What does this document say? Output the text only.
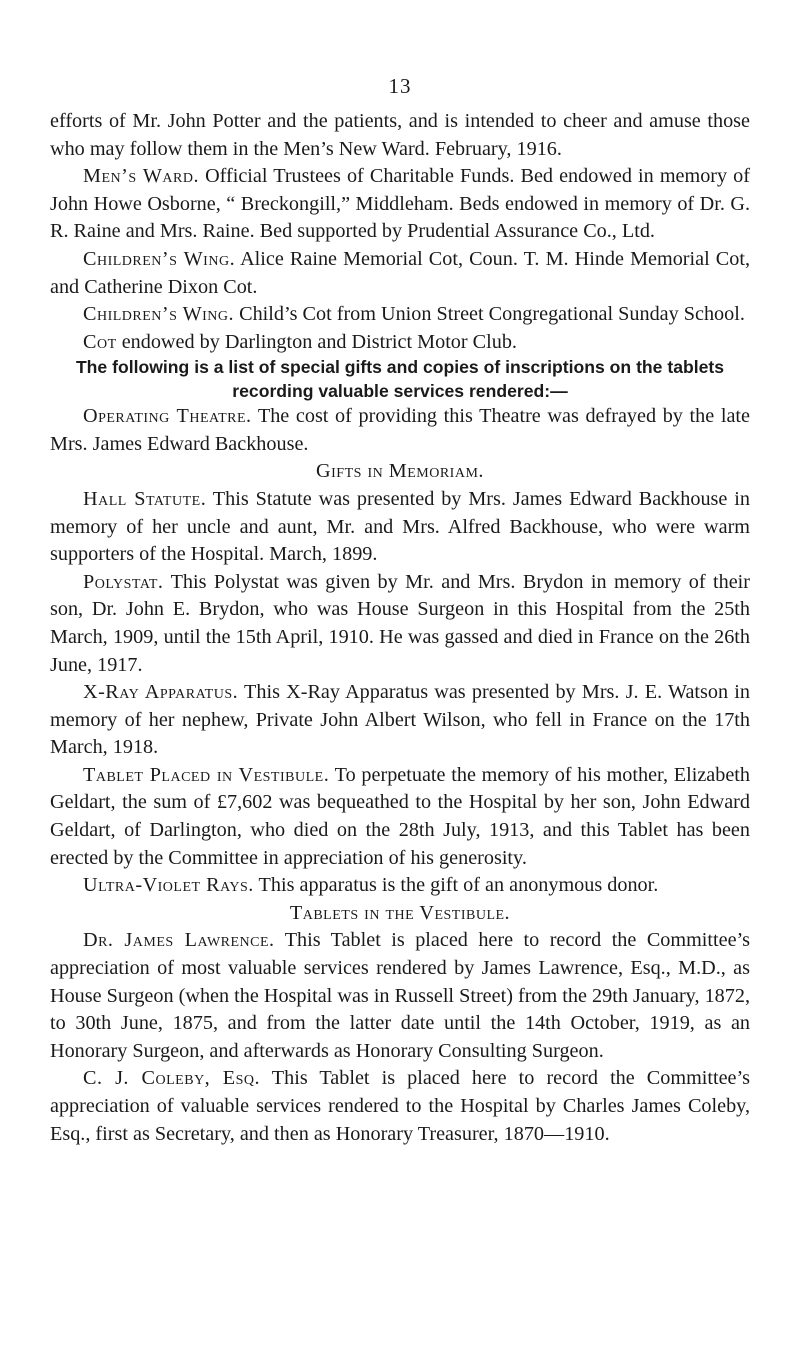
13

efforts of Mr. John Potter and the patients, and is intended to cheer and amuse those who may follow them in the Men’s New Ward. February, 1916.

Men’s Ward. Official Trustees of Charitable Funds. Bed endowed in memory of John Howe Osborne, “ Breckongill,” Middleham. Beds endowed in memory of Dr. G. R. Raine and Mrs. Raine. Bed supported by Prudential Assurance Co., Ltd.

Children’s Wing. Alice Raine Memorial Cot, Coun. T. M. Hinde Memorial Cot, and Catherine Dixon Cot.

Children’s Wing. Child’s Cot from Union Street Congregational Sunday School.

Cot endowed by Darlington and District Motor Club.

The following is a list of special gifts and copies of inscriptions on the tablets recording valuable services rendered:—

Operating Theatre. The cost of providing this Theatre was defrayed by the late Mrs. James Edward Backhouse.

Gifts in Memoriam.

Hall Statute. This Statute was presented by Mrs. James Edward Backhouse in memory of her uncle and aunt, Mr. and Mrs. Alfred Backhouse, who were warm supporters of the Hospital. March, 1899.

Polystat. This Polystat was given by Mr. and Mrs. Brydon in memory of their son, Dr. John E. Brydon, who was House Surgeon in this Hospital from the 25th March, 1909, until the 15th April, 1910. He was gassed and died in France on the 26th June, 1917.

X-Ray Apparatus. This X-Ray Apparatus was presented by Mrs. J. E. Watson in memory of her nephew, Private John Albert Wilson, who fell in France on the 17th March, 1918.

Tablet Placed in Vestibule. To perpetuate the memory of his mother, Elizabeth Geldart, the sum of £7,602 was bequeathed to the Hospital by her son, John Edward Geldart, of Darlington, who died on the 28th July, 1913, and this Tablet has been erected by the Committee in appreciation of his generosity.

Ultra-Violet Rays. This apparatus is the gift of an anonymous donor.

Tablets in the Vestibule.

Dr. James Lawrence. This Tablet is placed here to record the Committee’s appreciation of most valuable services rendered by James Lawrence, Esq., M.D., as House Surgeon (when the Hospital was in Russell Street) from the 29th January, 1872, to 30th June, 1875, and from the latter date until the 14th October, 1919, as an Honorary Surgeon, and afterwards as Honorary Consulting Surgeon.

C. J. Coleby, Esq. This Tablet is placed here to record the Committee’s appreciation of valuable services rendered to the Hospital by Charles James Coleby, Esq., first as Secretary, and then as Honorary Treasurer, 1870—1910.
